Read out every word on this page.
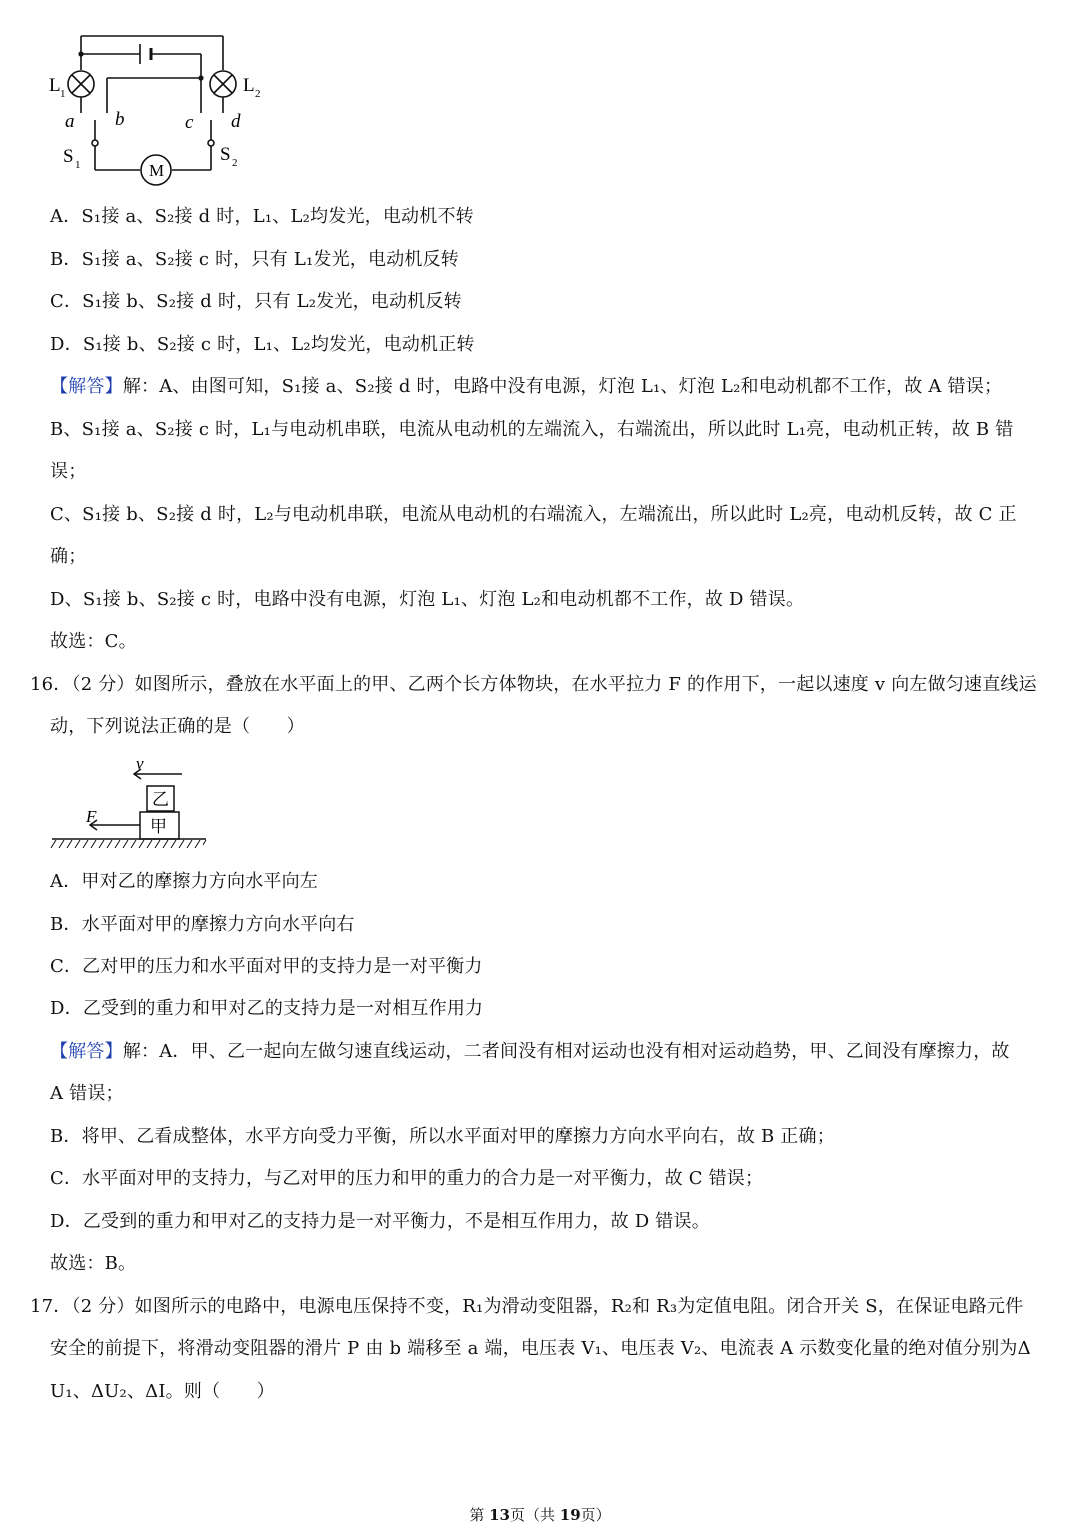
L 1	L 2
a b	c d
S 1	S 2
M
A．S₁接 a、S₂接 d 时，L₁、L₂均发光，电动机不转
B．S₁接 a、S₂接 c 时，只有 L₁发光，电动机反转
C．S₁接 b、S₂接 d 时，只有 L₂发光，电动机反转
D．S₁接 b、S₂接 c 时，L₁、L₂均发光，电动机正转
【解答】解：A、由图可知，S₁接 a、S₂接 d 时，电路中没有电源，灯泡 L₁、灯泡 L₂和电动机都不工作，故 A 错误；
B、S₁接 a、S₂接 c 时，L₁与电动机串联，电流从电动机的左端流入，右端流出，所以此时 L₁亮，电动机正转，故 B 错
误；
C、S₁接 b、S₂接 d 时，L₂与电动机串联，电流从电动机的右端流入，左端流出，所以此时 L₂亮，电动机反转，故 C 正
确；
D、S₁接 b、S₂接 c 时，电路中没有电源，灯泡 L₁、灯泡 L₂和电动机都不工作，故 D 错误。
故选：C。
16．（2 分）如图所示，叠放在水平面上的甲、乙两个长方体物块，在水平拉力 F 的作用下，一起以速度 v 向左做匀速直线运
动，下列说法正确的是（　　）
v
F
乙
甲
A．甲对乙的摩擦力方向水平向左
B．水平面对甲的摩擦力方向水平向右
C．乙对甲的压力和水平面对甲的支持力是一对平衡力
D．乙受到的重力和甲对乙的支持力是一对相互作用力
【解答】解：A．甲、乙一起向左做匀速直线运动，二者间没有相对运动也没有相对运动趋势，甲、乙间没有摩擦力，故
A 错误；
B．将甲、乙看成整体，水平方向受力平衡，所以水平面对甲的摩擦力方向水平向右，故 B 正确；
C．水平面对甲的支持力，与乙对甲的压力和甲的重力的合力是一对平衡力，故 C 错误；
D．乙受到的重力和甲对乙的支持力是一对平衡力，不是相互作用力，故 D 错误。
故选：B。
17．（2 分）如图所示的电路中，电源电压保持不变，R₁为滑动变阻器，R₂和 R₃为定值电阻。闭合开关 S，在保证电路元件
安全的前提下，将滑动变阻器的滑片 P 由 b 端移至 a 端，电压表 V₁、电压表 V₂、电流表 A 示数变化量的绝对值分别为Δ
U₁、ΔU₂、ΔI。则（　　）
第 13页（共 19页）
